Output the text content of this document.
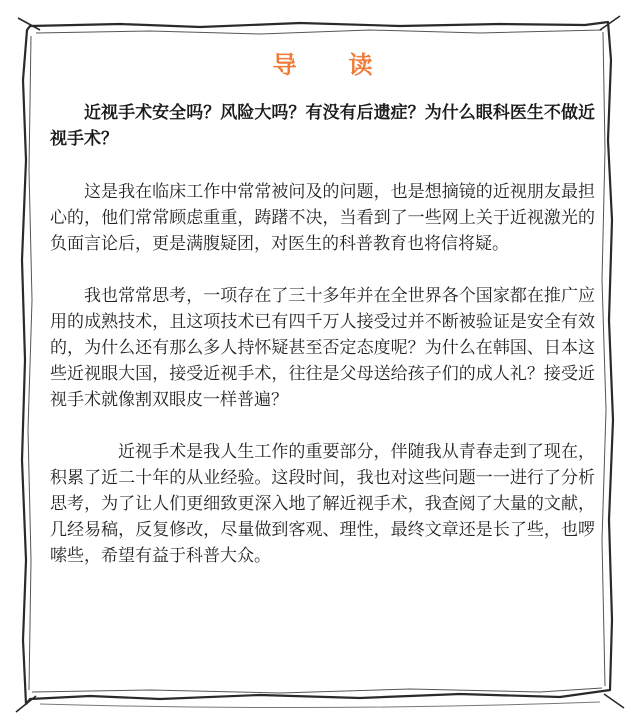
导 读

近视手术安全吗？风险大吗？有没有后遗症？为什么眼科医生不做近视手术？

这是我在临床工作中常常被问及的问题，也是想摘镜的近视朋友最担心的，他们常常顾虑重重，踌躇不决，当看到了一些网上关于近视激光的负面言论后，更是满腹疑团，对医生的科普教育也将信将疑。

我也常常思考，一项存在了三十多年并在全世界各个国家都在推广应用的成熟技术，且这项技术已有四千万人接受过并不断被验证是安全有效的，为什么还有那么多人持怀疑甚至否定态度呢？为什么在韩国、日本这些近视眼大国，接受近视手术，往往是父母送给孩子们的成人礼？接受近视手术就像割双眼皮一样普遍？

近视手术是我人生工作的重要部分，伴随我从青春走到了现在，积累了近二十年的从业经验。这段时间，我也对这些问题一一进行了分析思考，为了让人们更细致更深入地了解近视手术，我查阅了大量的文献，几经易稿，反复修改，尽量做到客观、理性，最终文章还是长了些，也啰嗦些，希望有益于科普大众。
